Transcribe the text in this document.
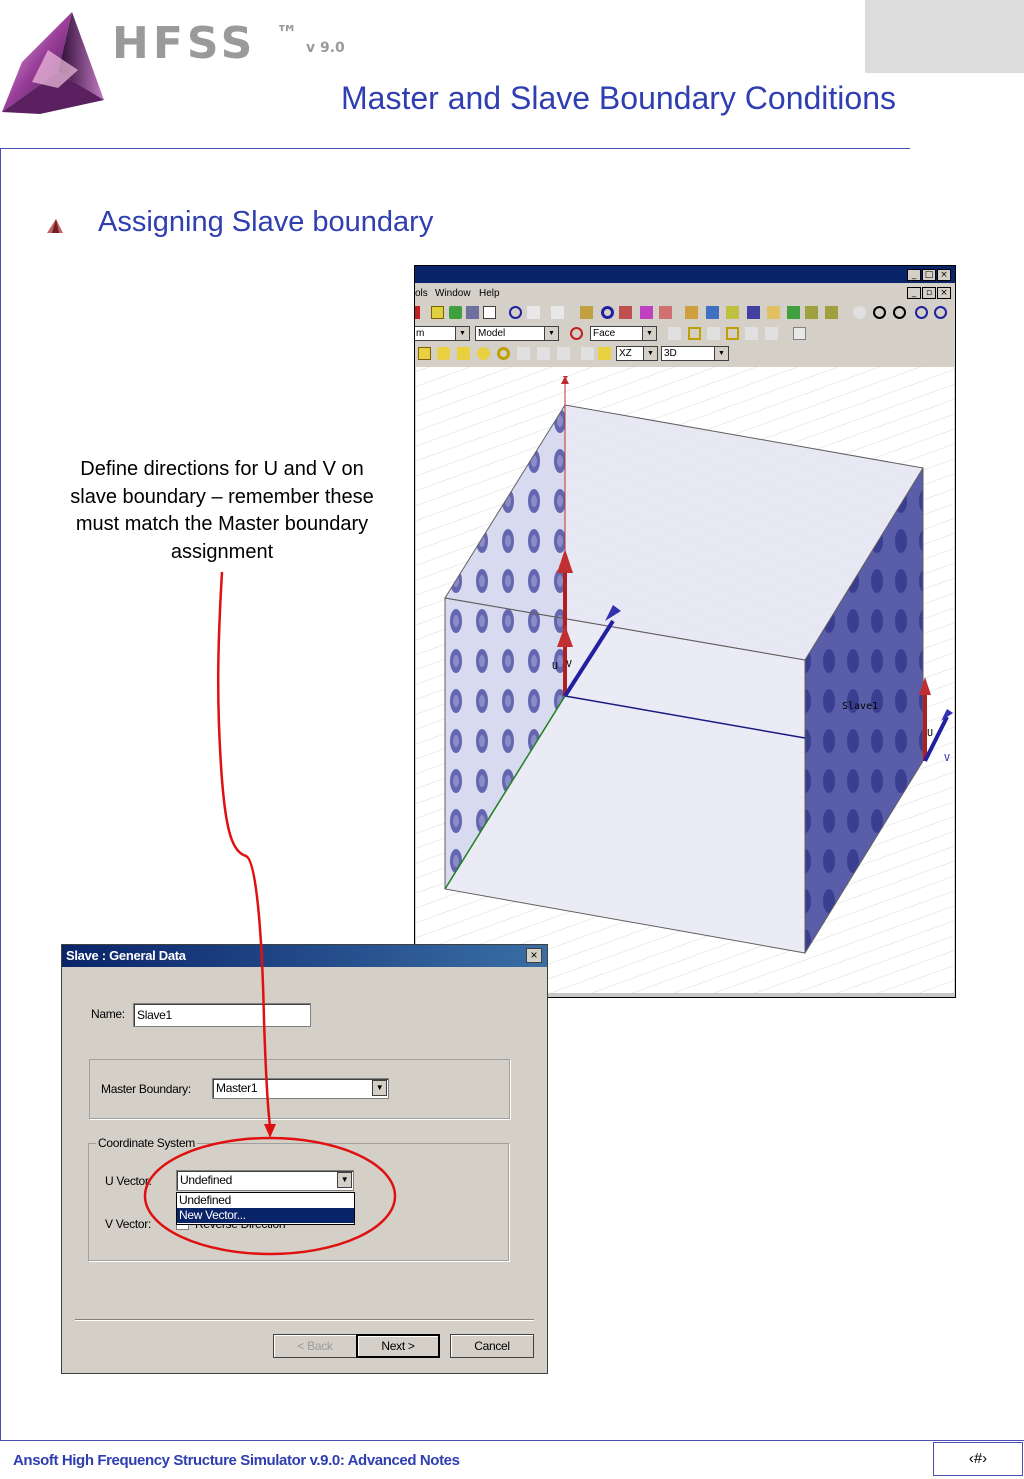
HFSS ™
v 9.0
Master and Slave Boundary Conditions
Assigning Slave boundary
Define directions for U and V on slave boundary – remember these must match the Master boundary assignment
_ □ ×
ols Window Help	_	▫ ×
m	▼	Model	▼	Face	▼
XZ	▼	3D	▼
Z
U V
Slave1
U
V
Slave : General Data	×
Name:	Slave1
Master Boundary:	Master1	▼
Coordinate System
U Vector:	Undefined	▼
V Vector:
Undefined
New Vector...
< Back	Next >	Cancel
Ansoft High Frequency Structure Simulator v.9.0: Advanced Notes	‹#›
